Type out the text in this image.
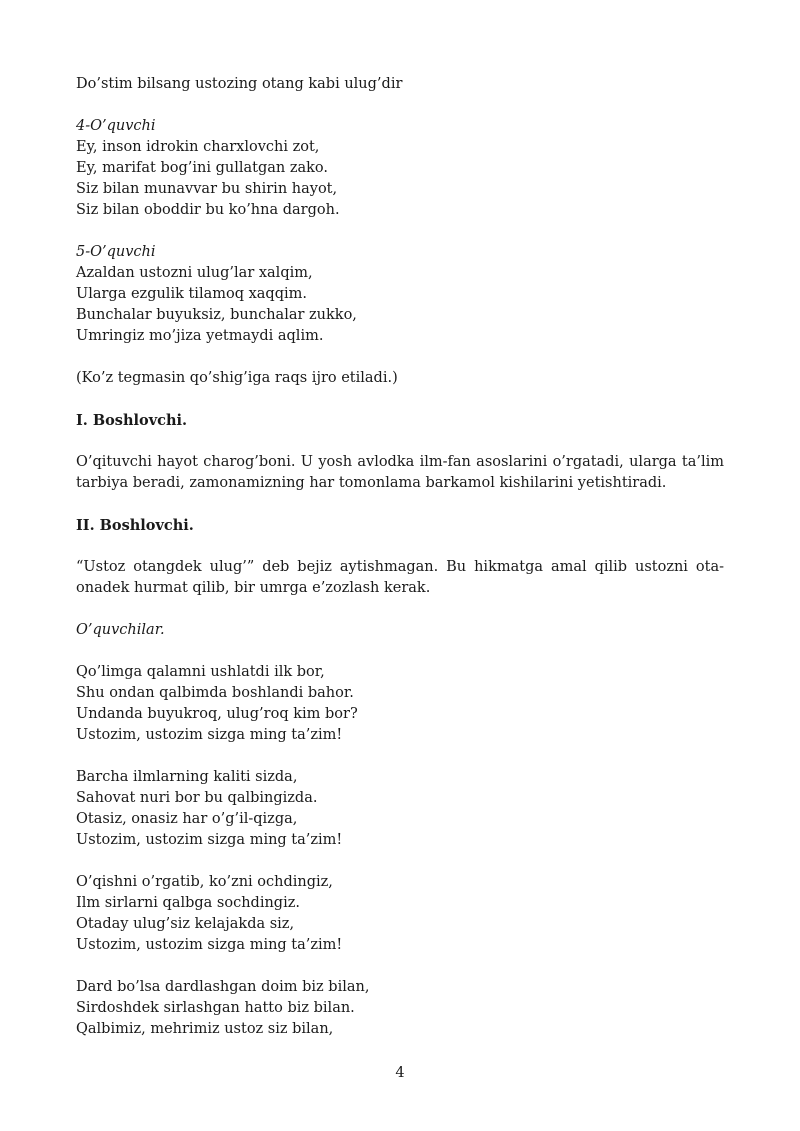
Do’stim bilsang ustozing otang kabi ulug’dir
4-O’quvchi
Ey, inson idrokin charxlovchi zot,
Ey, marifat bog’ini gullatgan zako.
Siz bilan munavvar bu shirin hayot,
Siz bilan oboddir bu ko’hna dargoh.
5-O’quvchi
Azaldan ustozni ulug’lar xalqim,
Ularga ezgulik tilamoq xaqqim.
Bunchalar buyuksiz, bunchalar zukko,
Umringiz mo’jiza yetmaydi aqlim.
(Ko’z tegmasin qo’shig’iga raqs ijro etiladi.)
I. Boshlovchi.
O’qituvchi hayot charog’boni. U yosh avlodka ilm-fan asoslarini o’rgatadi, ularga ta’lim tarbiya beradi, zamonamizning har tomonlama barkamol kishilarini yetishtiradi.
II. Boshlovchi.
“Ustoz otangdek ulug’” deb bejiz aytishmagan. Bu hikmatga amal qilib ustozni ota-onadek hurmat qilib, bir umrga e’zozlash kerak.
O’quvchilar.
Qo’limga qalamni ushlatdi ilk bor,
Shu ondan qalbimda boshlandi bahor.
Undanda buyukroq, ulug’roq kim bor?
Ustozim, ustozim sizga ming ta’zim!
Barcha ilmlarning kaliti sizda,
Sahovat nuri bor bu qalbingizda.
Otasiz, onasiz har o’g’il-qizga,
Ustozim, ustozim sizga ming ta’zim!
O’qishni o’rgatib, ko’zni ochdingiz,
Ilm sirlarni qalbga sochdingiz.
Otaday ulug’siz kelajakda siz,
Ustozim, ustozim sizga ming ta’zim!
Dard bo’lsa dardlashgan doim biz bilan,
Sirdoshdek sirlashgan hatto biz bilan.
Qalbimiz, mehrimiz ustoz siz bilan,
4
